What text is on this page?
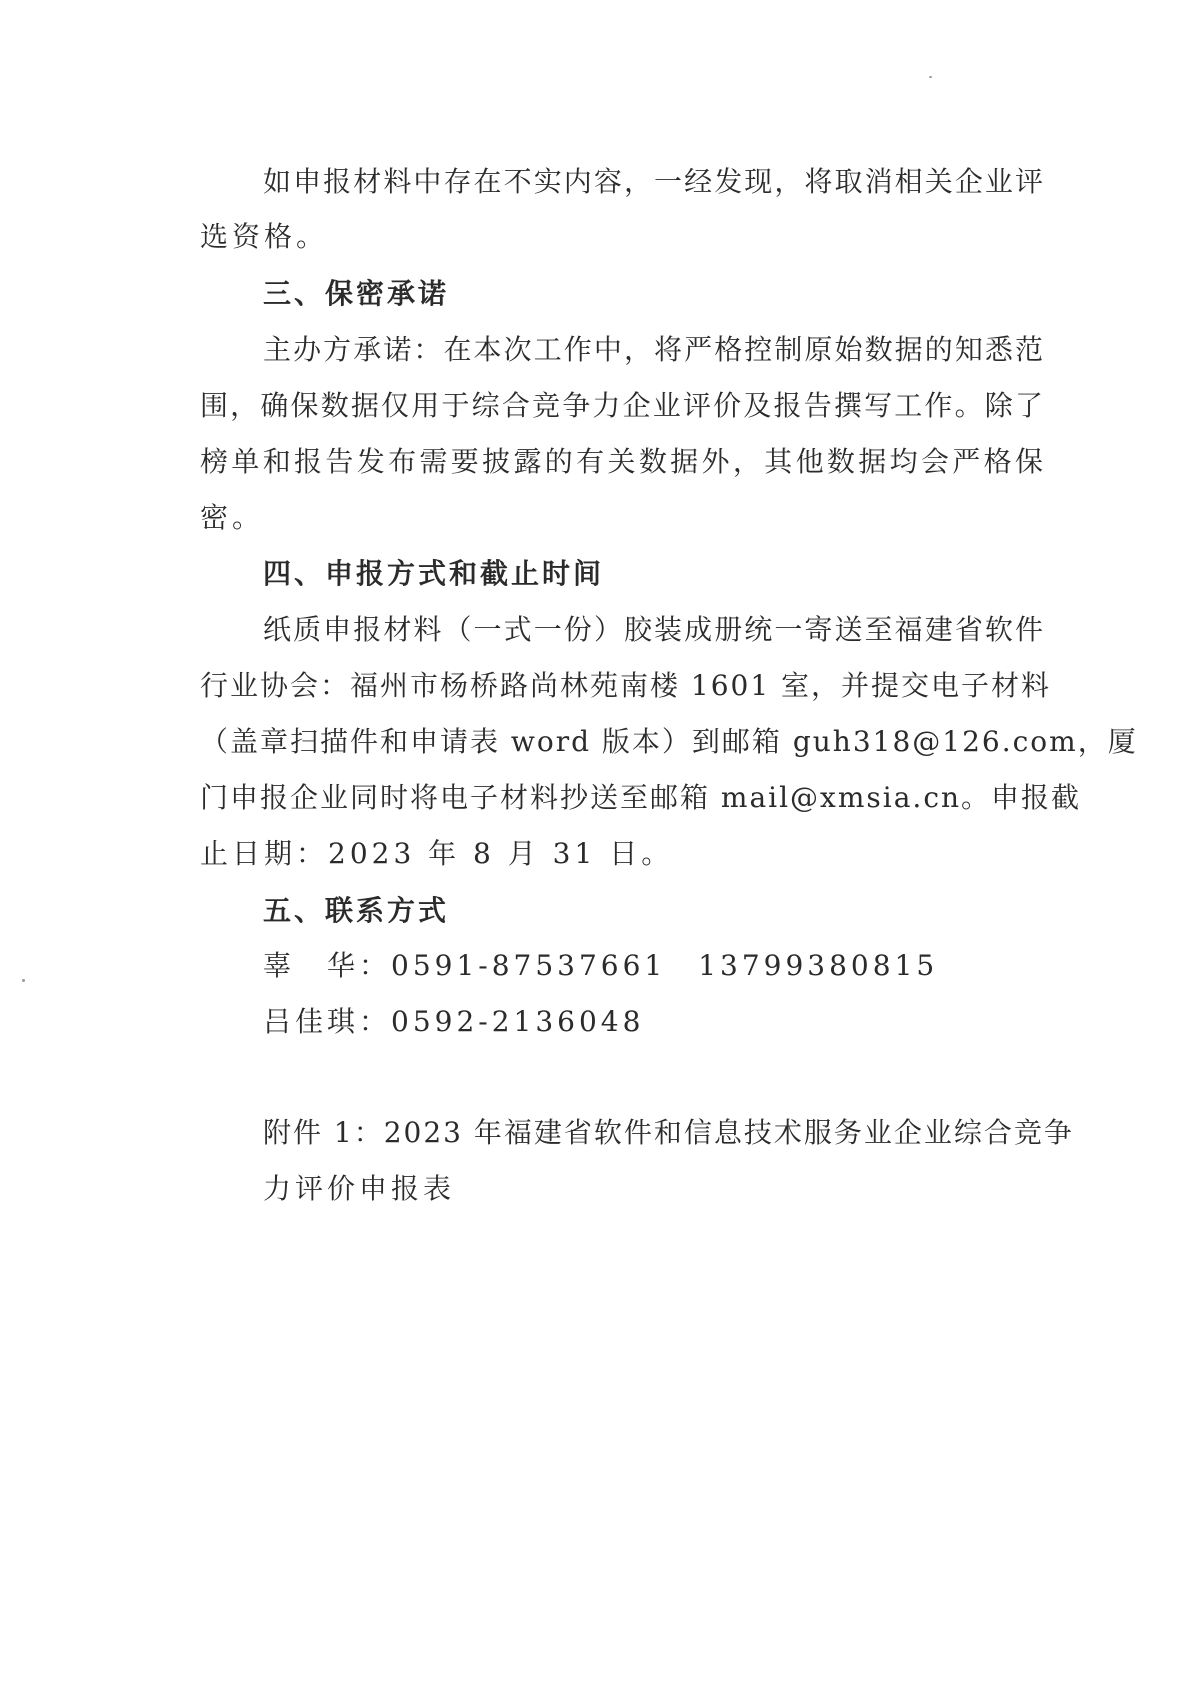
如申报材料中存在不实内容，一经发现，将取消相关企业评
选资格。
三、保密承诺
主办方承诺：在本次工作中，将严格控制原始数据的知悉范
围，确保数据仅用于综合竞争力企业评价及报告撰写工作。除了
榜单和报告发布需要披露的有关数据外，其他数据均会严格保
密。
四、申报方式和截止时间
纸质申报材料（一式一份）胶装成册统一寄送至福建省软件
行业协会：福州市杨桥路尚林苑南楼 1601 室，并提交电子材料
（盖章扫描件和申请表 word 版本）到邮箱 guh318@126.com，厦
门申报企业同时将电子材料抄送至邮箱 mail@xmsia.cn。申报截
止日期：2023 年 8 月 31 日。
五、联系方式
辜　华：0591-87537661　13799380815
吕佳琪：0592-2136048
附件 1：2023 年福建省软件和信息技术服务业企业综合竞争
力评价申报表
